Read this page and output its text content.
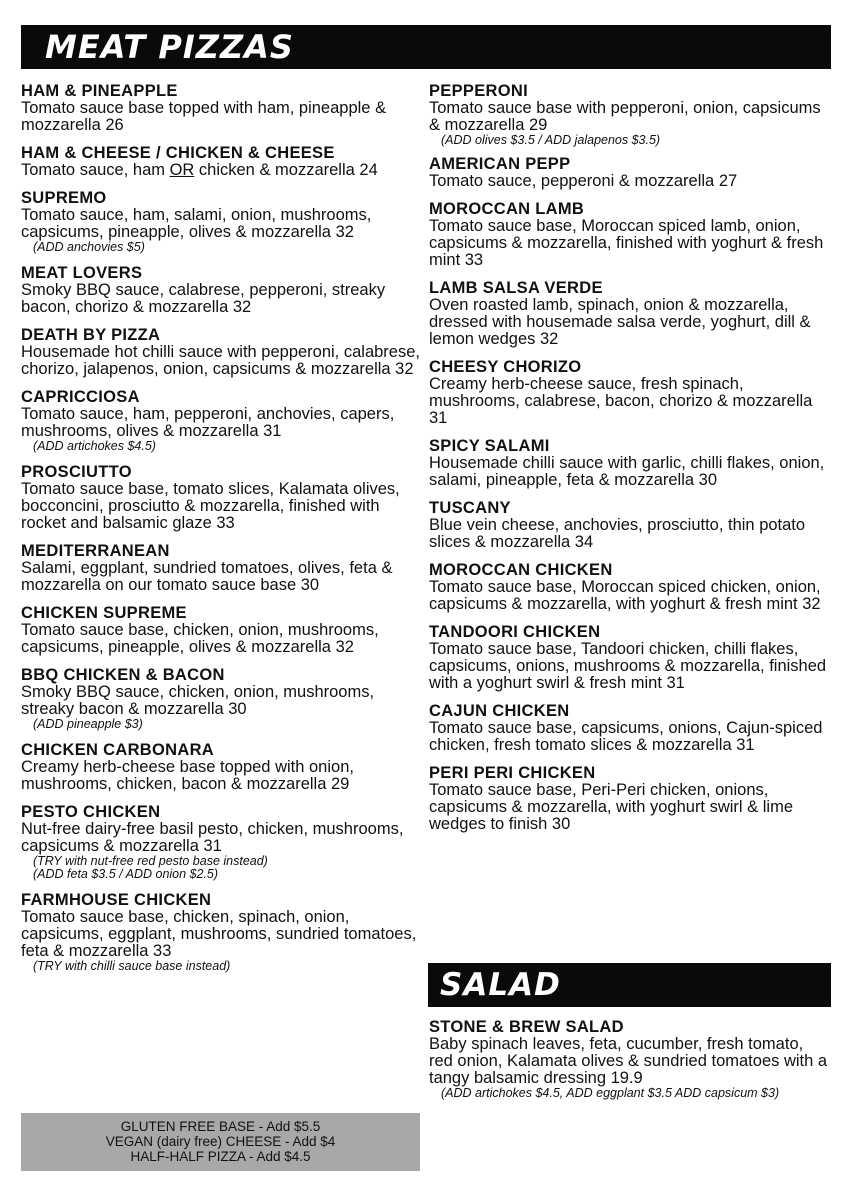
MEAT PIZZAS
HAM & PINEAPPLE
Tomato sauce base topped with ham, pineapple & mozzarella 26
HAM & CHEESE / CHICKEN & CHEESE
Tomato sauce, ham OR chicken & mozzarella 24
SUPREMO
Tomato sauce, ham, salami, onion, mushrooms, capsicums, pineapple, olives & mozzarella 32
(ADD anchovies $5)
MEAT LOVERS
Smoky BBQ sauce, calabrese, pepperoni, streaky bacon, chorizo & mozzarella 32
DEATH BY PIZZA
Housemade hot chilli sauce with pepperoni, calabrese, chorizo, jalapenos, onion, capsicums & mozzarella 32
CAPRICCIOSA
Tomato sauce, ham, pepperoni, anchovies, capers, mushrooms, olives & mozzarella 31
(ADD artichokes $4.5)
PROSCIUTTO
Tomato sauce base, tomato slices, Kalamata olives, bocconcini, prosciutto & mozzarella, finished with rocket and balsamic glaze 33
MEDITERRANEAN
Salami, eggplant, sundried tomatoes, olives, feta & mozzarella on our tomato sauce base 30
CHICKEN SUPREME
Tomato sauce base, chicken, onion, mushrooms, capsicums, pineapple, olives & mozzarella 32
BBQ CHICKEN & BACON
Smoky BBQ sauce, chicken, onion, mushrooms, streaky bacon & mozzarella 30
(ADD pineapple $3)
CHICKEN CARBONARA
Creamy herb-cheese base topped with onion, mushrooms, chicken, bacon & mozzarella 29
PESTO CHICKEN
Nut-free dairy-free basil pesto, chicken, mushrooms, capsicums & mozzarella 31
(TRY with nut-free red pesto base instead)
(ADD feta $3.5 / ADD onion $2.5)
FARMHOUSE CHICKEN
Tomato sauce base, chicken, spinach, onion, capsicums, eggplant, mushrooms, sundried tomatoes, feta & mozzarella 33
(TRY with chilli sauce base instead)
PEPPERONI
Tomato sauce base with pepperoni, onion, capsicums & mozzarella 29
(ADD olives $3.5 / ADD jalapenos $3.5)
AMERICAN PEPP
Tomato sauce, pepperoni & mozzarella 27
MOROCCAN LAMB
Tomato sauce base, Moroccan spiced lamb, onion, capsicums & mozzarella, finished with yoghurt & fresh mint 33
LAMB SALSA VERDE
Oven roasted lamb, spinach, onion & mozzarella, dressed with housemade salsa verde, yoghurt, dill & lemon wedges 32
CHEESY CHORIZO
Creamy herb-cheese sauce, fresh spinach, mushrooms, calabrese, bacon, chorizo & mozzarella 31
SPICY SALAMI
Housemade chilli sauce with garlic, chilli flakes, onion, salami, pineapple, feta & mozzarella 30
TUSCANY
Blue vein cheese, anchovies, prosciutto, thin potato slices & mozzarella 34
MOROCCAN CHICKEN
Tomato sauce base, Moroccan spiced chicken, onion, capsicums & mozzarella, with yoghurt & fresh mint 32
TANDOORI CHICKEN
Tomato sauce base, Tandoori chicken, chilli flakes, capsicums, onions, mushrooms & mozzarella, finished with a yoghurt swirl & fresh mint 31
CAJUN CHICKEN
Tomato sauce base, capsicums, onions, Cajun-spiced chicken, fresh tomato slices & mozzarella 31
PERI PERI CHICKEN
Tomato sauce base, Peri-Peri chicken, onions, capsicums & mozzarella, with yoghurt swirl & lime wedges to finish 30
SALAD
STONE & BREW SALAD
Baby spinach leaves, feta, cucumber, fresh tomato, red onion, Kalamata olives & sundried tomatoes with a tangy balsamic dressing 19.9
(ADD artichokes $4.5, ADD eggplant $3.5 ADD capsicum $3)
GLUTEN FREE BASE - Add $5.5
VEGAN (dairy free) CHEESE - Add $4
HALF-HALF PIZZA - Add $4.5
